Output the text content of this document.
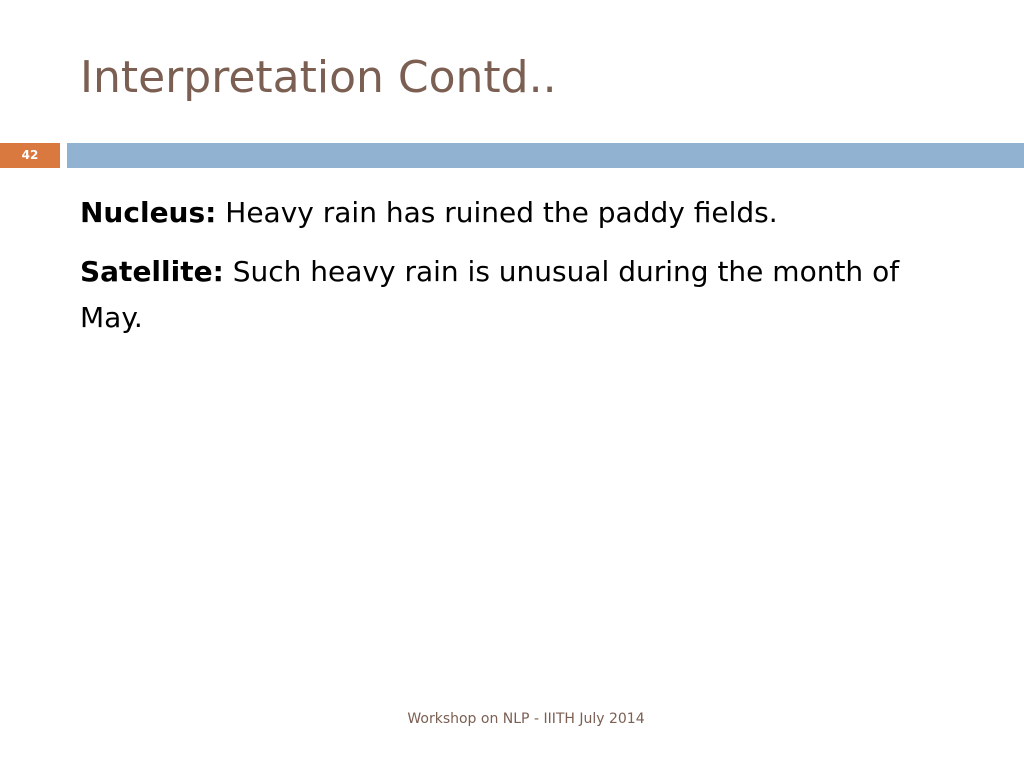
Interpretation Contd..
42

Nucleus: Heavy rain has ruined the paddy fields.

Satellite: Such heavy rain is unusual during the month of May.

Workshop on NLP - IIITH July 2014
